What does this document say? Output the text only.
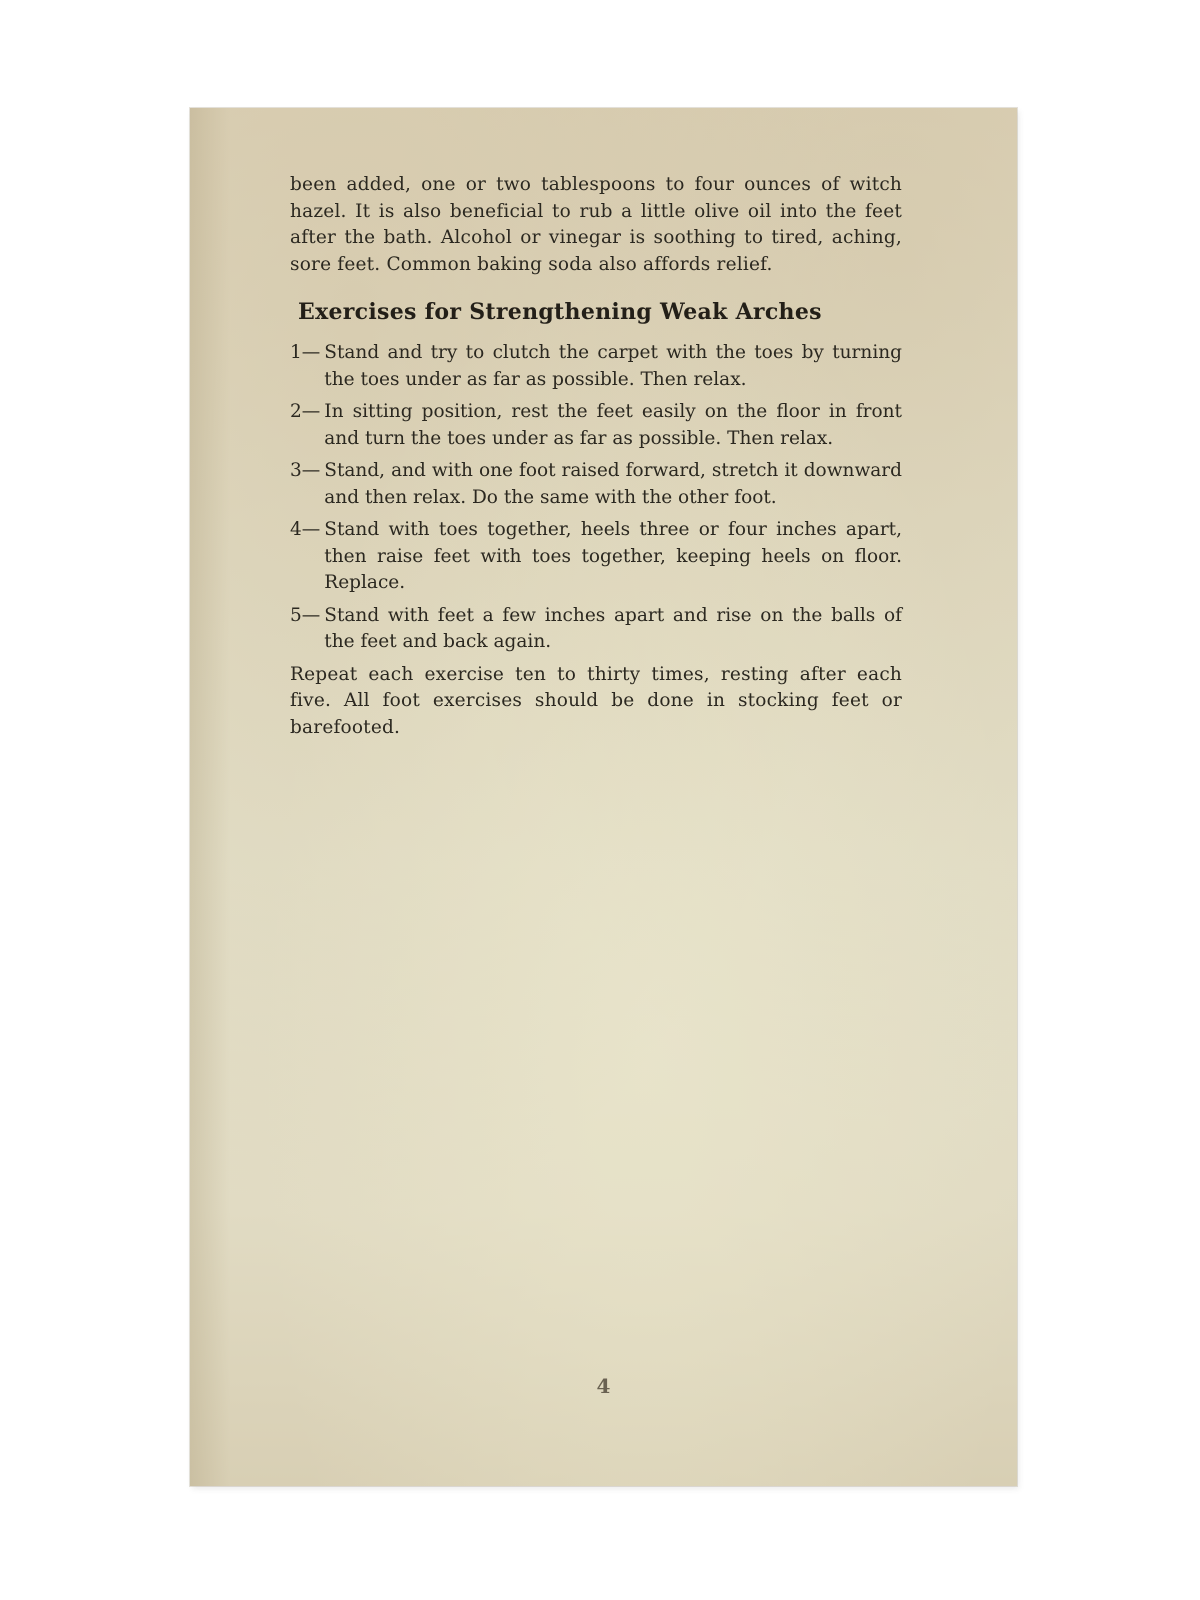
been added, one or two tablespoons to four ounces of witch hazel. It is also beneficial to rub a little olive oil into the feet after the bath. Alcohol or vinegar is soothing to tired, aching, sore feet. Common baking soda also affords relief.

Exercises for Strengthening Weak Arches
1— Stand and try to clutch the carpet with the toes by turning the toes under as far as possible. Then relax.
2— In sitting position, rest the feet easily on the floor in front and turn the toes under as far as possible. Then relax.
3— Stand, and with one foot raised forward, stretch it downward and then relax. Do the same with the other foot.
4— Stand with toes together, heels three or four inches apart, then raise feet with toes together, keeping heels on floor. Replace.
5— Stand with feet a few inches apart and rise on the balls of the feet and back again.

Repeat each exercise ten to thirty times, resting after each five. All foot exercises should be done in stocking feet or barefooted.

4
